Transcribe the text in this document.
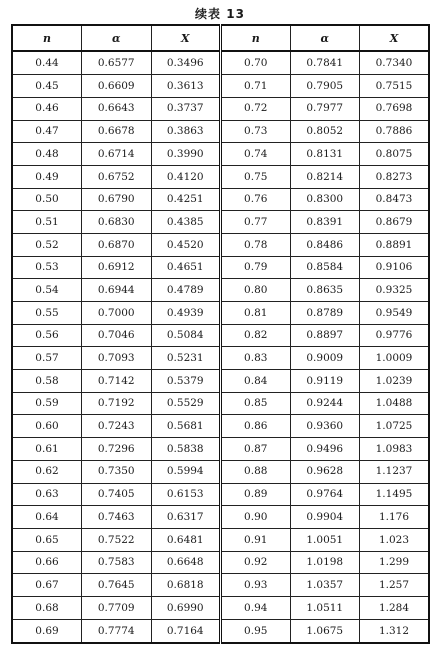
续表 13
n	α	X	n	α	X
0.44	0.6577	0.3496	0.70	0.7841	0.7340
0.45	0.6609	0.3613	0.71	0.7905	0.7515
0.46	0.6643	0.3737	0.72	0.7977	0.7698
0.47	0.6678	0.3863	0.73	0.8052	0.7886
0.48	0.6714	0.3990	0.74	0.8131	0.8075
0.49	0.6752	0.4120	0.75	0.8214	0.8273
0.50	0.6790	0.4251	0.76	0.8300	0.8473
0.51	0.6830	0.4385	0.77	0.8391	0.8679
0.52	0.6870	0.4520	0.78	0.8486	0.8891
0.53	0.6912	0.4651	0.79	0.8584	0.9106
0.54	0.6944	0.4789	0.80	0.8635	0.9325
0.55	0.7000	0.4939	0.81	0.8789	0.9549
0.56	0.7046	0.5084	0.82	0.8897	0.9776
0.57	0.7093	0.5231	0.83	0.9009	1.0009
0.58	0.7142	0.5379	0.84	0.9119	1.0239
0.59	0.7192	0.5529	0.85	0.9244	1.0488
0.60	0.7243	0.5681	0.86	0.9360	1.0725
0.61	0.7296	0.5838	0.87	0.9496	1.0983
0.62	0.7350	0.5994	0.88	0.9628	1.1237
0.63	0.7405	0.6153	0.89	0.9764	1.1495
0.64	0.7463	0.6317	0.90	0.9904	1.176
0.65	0.7522	0.6481	0.91	1.0051	1.023
0.66	0.7583	0.6648	0.92	1.0198	1.299
0.67	0.7645	0.6818	0.93	1.0357	1.257
0.68	0.7709	0.6990	0.94	1.0511	1.284
0.69	0.7774	0.7164	0.95	1.0675	1.312
